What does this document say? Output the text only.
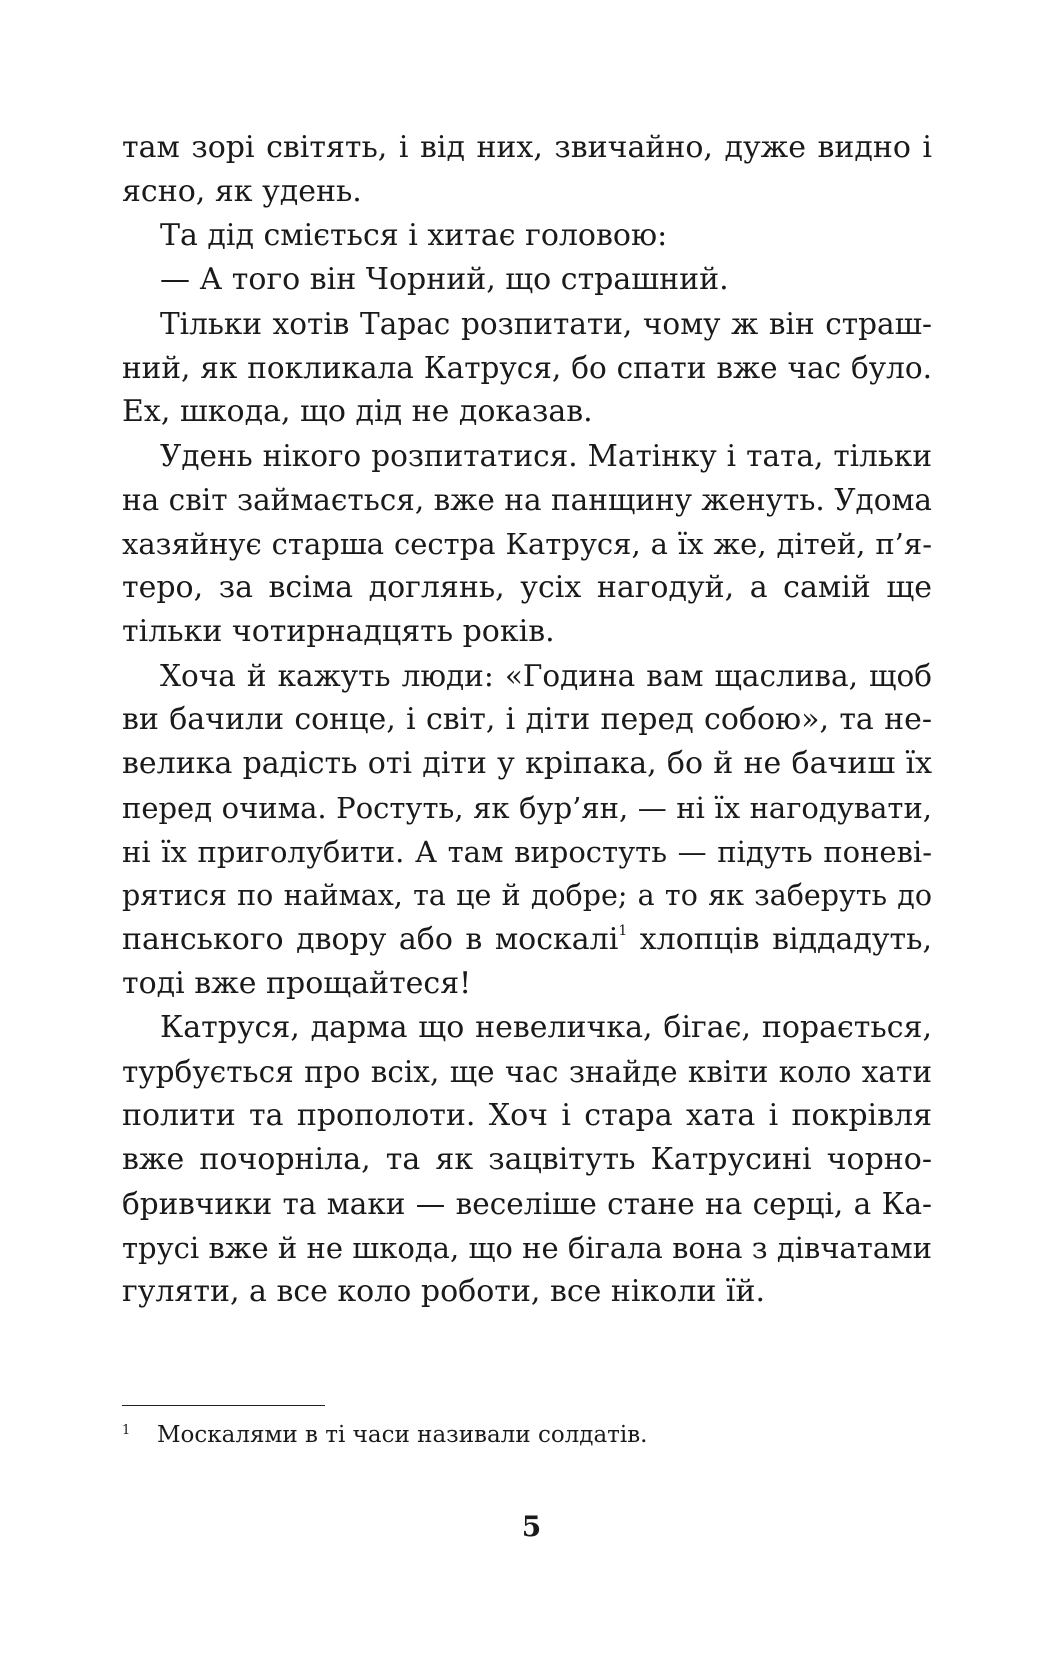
там зорі світять, і від них, звичайно, дуже видно і
ясно, як удень.
Та дід сміється і хитає головою:
— А того він Чорний, що страшний.
Тільки хотів Тарас розпитати, чому ж він страш-
ний, як покликала Катруся, бо спати вже час було.
Ех, шкода, що дід не доказав.
Удень нікого розпитатися. Матінку і тата, тільки
на світ займається, вже на панщину женуть. Удома
хазяйнує старша сестра Катруся, а їх же, дітей, п’я-
теро, за всіма доглянь, усіх нагодуй, а самій ще
тільки чотирнадцять років.
Хоча й кажуть люди: «Година вам щаслива, щоб
ви бачили сонце, і світ, і діти перед собою», та не-
велика радість оті діти у кріпака, бо й не бачиш їх
перед очима. Ростуть, як бур’ян, — ні їх нагодувати,
ні їх приголубити. А там виростуть — підуть поневі-
рятися по наймах, та це й добре; а то як заберуть до
панського двору або в москалі$^1$ хлопців віддадуть,
тоді вже прощайтеся!
Катруся, дарма що невеличка, бігає, порається,
турбується про всіх, ще час знайде квіти коло хати
полити та прополоти. Хоч і стара хата і покрівля
вже почорніла, та як зацвітуть Катрусині чорно-
бривчики та маки — веселіше стане на серці, а Ка-
трусі вже й не шкода, що не бігала вона з дівчатами
гуляти, а все коло роботи, все ніколи їй.
1 Москалями в ті часи називали солдатів.
5
